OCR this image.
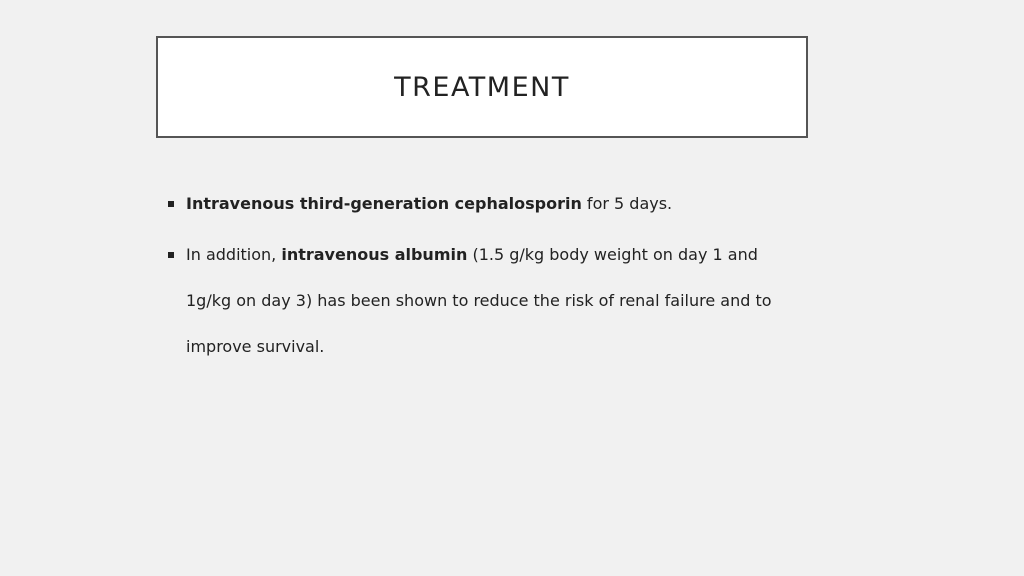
TREATMENT
Intravenous third-generation cephalosporin for 5 days.
In addition, intravenous albumin (1.5 g/kg body weight on day 1 and 1g/kg on day 3) has been shown to reduce the risk of renal failure and to improve survival.
